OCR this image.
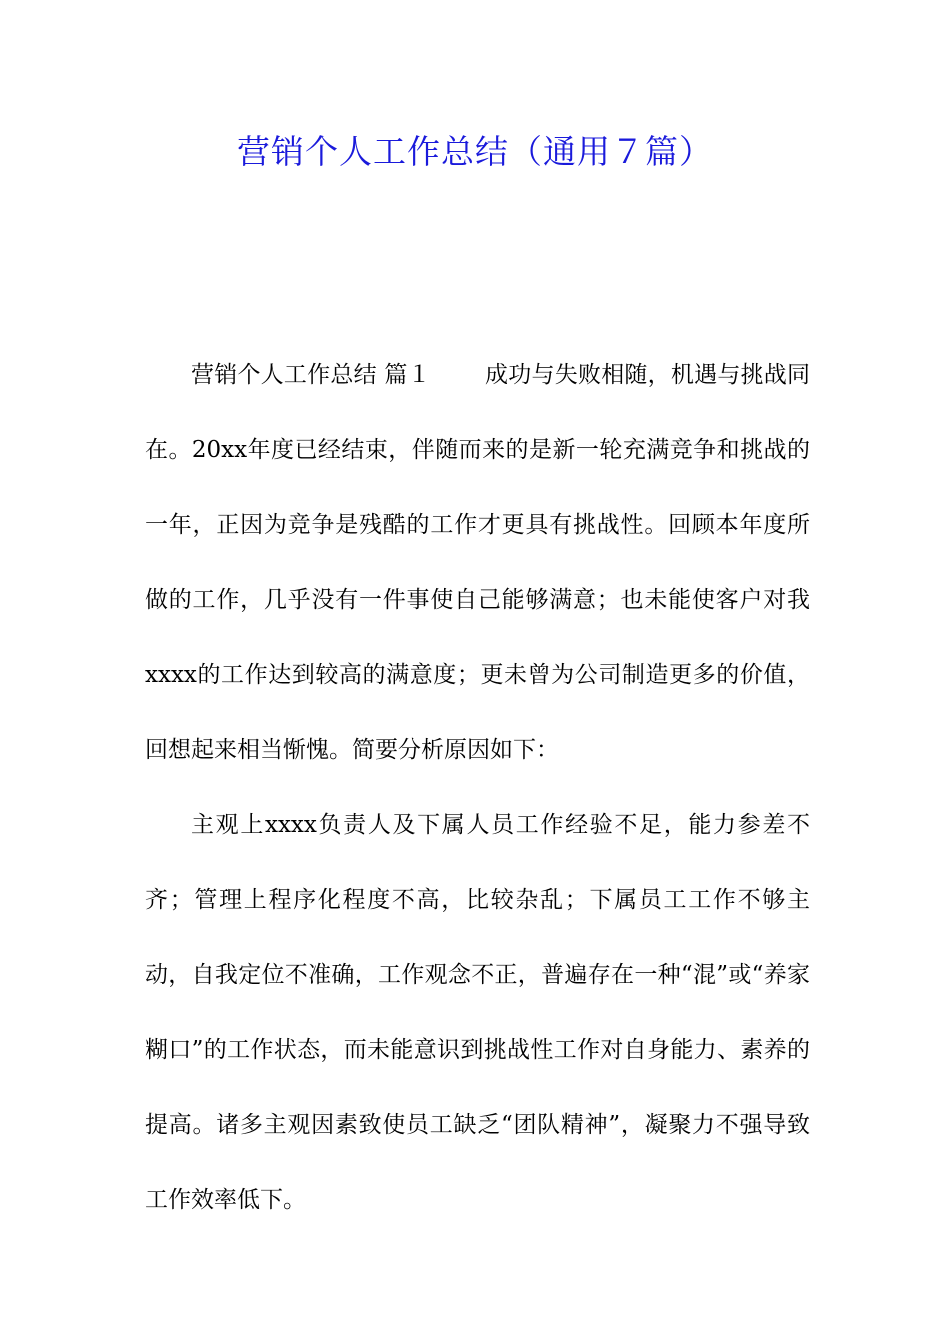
营销个人工作总结（通用７篇）

营销个人工作总结 篇１ 成功与失败相随，机遇与挑战同在。20xx年度已经结束，伴随而来的是新一轮充满竞争和挑战的一年，正因为竞争是残酷的工作才更具有挑战性。回顾本年度所做的工作，几乎没有一件事使自己能够满意；也未能使客户对我xxxx的工作达到较高的满意度；更未曾为公司制造更多的价值，回想起来相当惭愧。简要分析原因如下：

主观上xxxx负责人及下属人员工作经验不足，能力参差不齐；管理上程序化程度不高，比较杂乱；下属员工工作不够主动，自我定位不准确，工作观念不正，普遍存在一种“混”或“养家糊口”的工作状态，而未能意识到挑战性工作对自身能力、素养的提高。诸多主观因素致使员工缺乏“团队精神”，凝聚力不强导致工作效率低下。
